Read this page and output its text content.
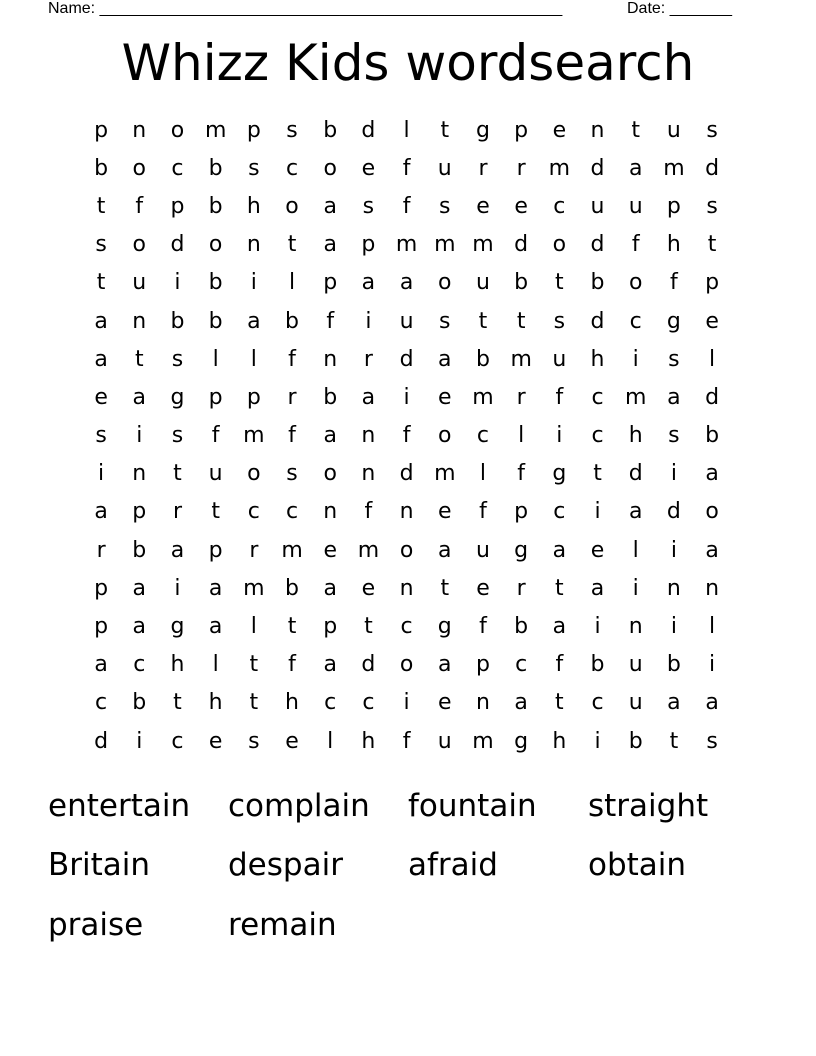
Name: ____________________________________________________	Date: _______
Whizz Kids wordsearch
p	n	o m p	s	b	d	l	t	g	p	e	n	t	u	s
b	o	c	b	s	c	o	e	f	u	r	r	m d	a m d
t	f	p	b	h	o	a	s	f	s	e	e	c	u	u	p	s
s	o	d	o	n	t	a	p m m m d	o	d	f	h	t
t	u	i	b	i	l	p	a	a	o	u	b	t	b	o	f	p
a	n	b	b	a	b	f	i	u	s	t	t	s	d	c	g	e
a	t	s	l	l	f	n	r	d	a	b m u	h	i	s	l
e	a	g	p	p	r	b	a	i	e m	r	f	c m a	d
s	i	s	f	m	f	a	n	f	o	c	l	i	c	h	s	b
i	n	t	u	o	s	o	n	d m	l	f	g	t	d	i	a
a	p	r	t	c	c	n	f	n	e	f	p	c	i	a	d	o
r	b	a	p	r	m e m o	a	u	g	a	e	l	i	a
p	a	i	a m b	a	e	n	t	e	r	t	a	i	n	n
p	a	g	a	l	t	p	t	c	g	f	b	a	i	n	i	l
a	c	h	l	t	f	a	d	o	a	p	c	f	b	u	b	i
c	b	t	h	t	h	c	c	i	e	n	a	t	c	u	a	a
d	i	c	e	s	e	l	h	f	u m g	h	i	b	t	s
entertain	complain	fountain	straight
Britain	despair	afraid	obtain
praise	remain
